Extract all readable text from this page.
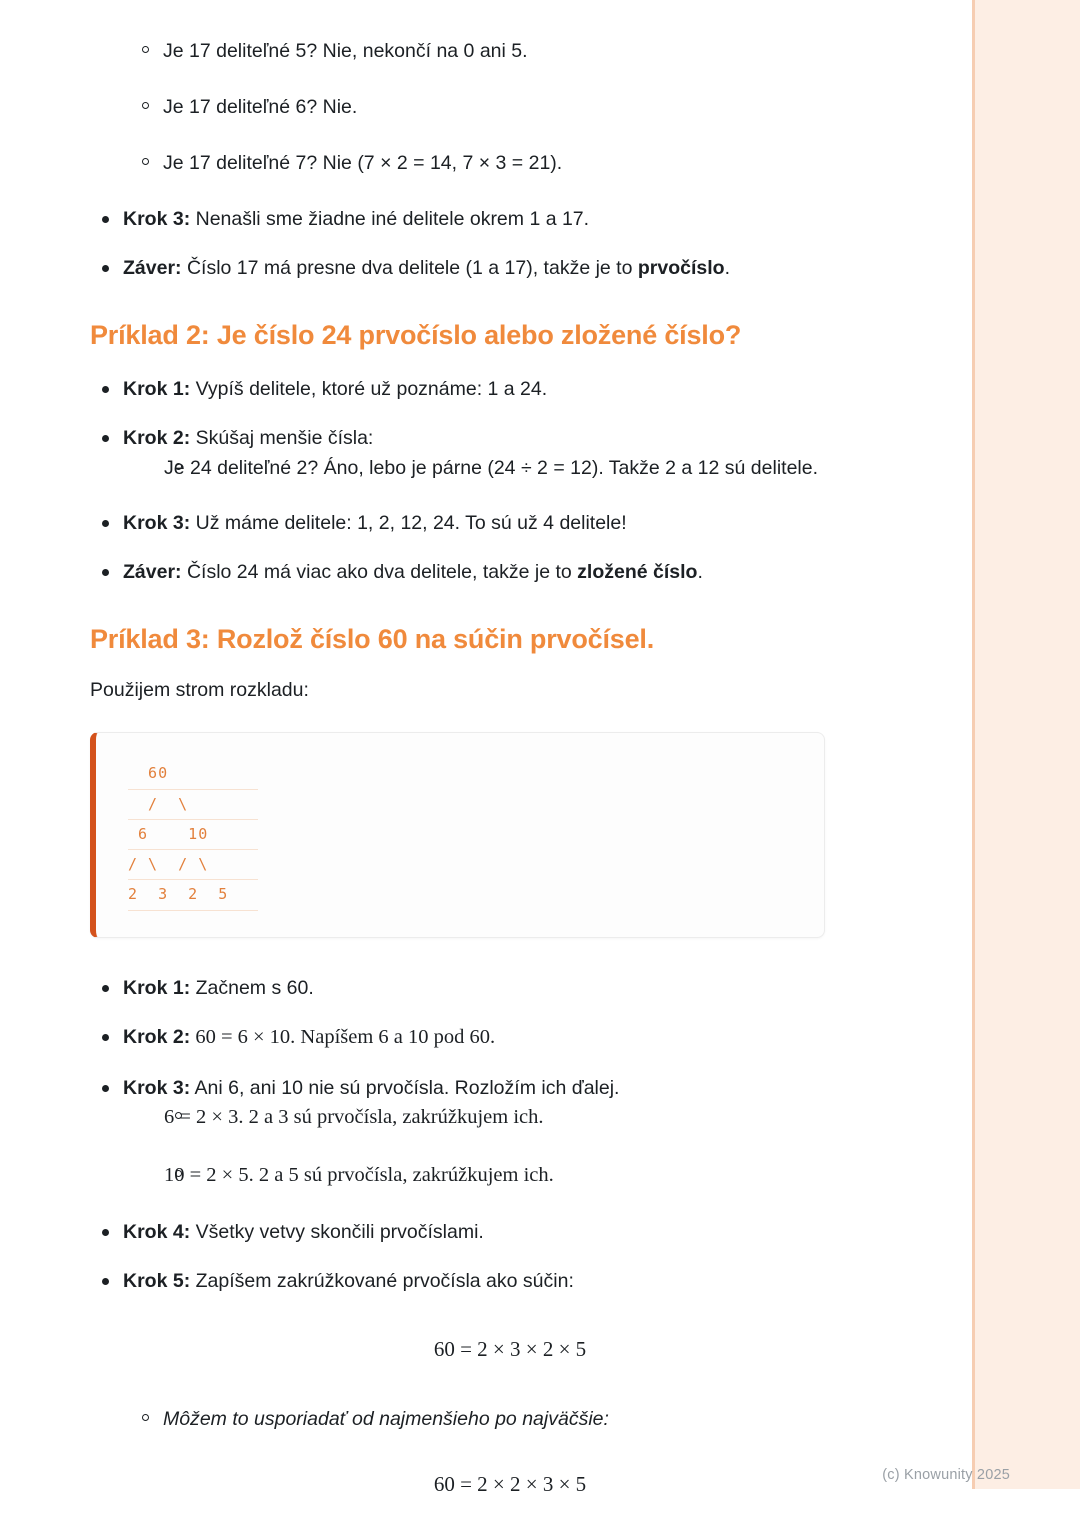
Je 17 deliteľné 5? Nie, nekončí na 0 ani 5.
Je 17 deliteľné 6? Nie.
Je 17 deliteľné 7? Nie (7 × 2 = 14, 7 × 3 = 21).
Krok 3: Nenašli sme žiadne iné delitele okrem 1 a 17.
Záver: Číslo 17 má presne dva delitele (1 a 17), takže je to prvočíslo.
Príklad 2: Je číslo 24 prvočíslo alebo zložené číslo?
Krok 1: Vypíš delitele, ktoré už poznáme: 1 a 24.
Krok 2: Skúšaj menšie čísla:
Je 24 deliteľné 2? Áno, lebo je párne (24 ÷ 2 = 12). Takže 2 a 12 sú delitele.
Krok 3: Už máme delitele: 1, 2, 12, 24. To sú už 4 delitele!
Záver: Číslo 24 má viac ako dva delitele, takže je to zložené číslo.
Príklad 3: Rozlož číslo 60 na súčin prvočísel.

Použijem strom rozkladu:

60
/  \
6    10
/ \  / \
2  3  2  5
Krok 1: Začnem s 60.
Krok 2: 60 = 6 × 10. Napíšem 6 a 10 pod 60.
Krok 3: Ani 6, ani 10 nie sú prvočísla. Rozložím ich ďalej.
6 = 2 × 3. 2 a 3 sú prvočísla, zakrúžkujem ich.
10 = 2 × 5. 2 a 5 sú prvočísla, zakrúžkujem ich.
Krok 4: Všetky vetvy skončili prvočíslami.
Krok 5: Zapíšem zakrúžkované prvočísla ako súčin:
60 = 2 × 3 × 2 × 5
Môžem to usporiadať od najmenšieho po najväčšie:
60 = 2 × 2 × 3 × 5	(c) Knowunity 2025
